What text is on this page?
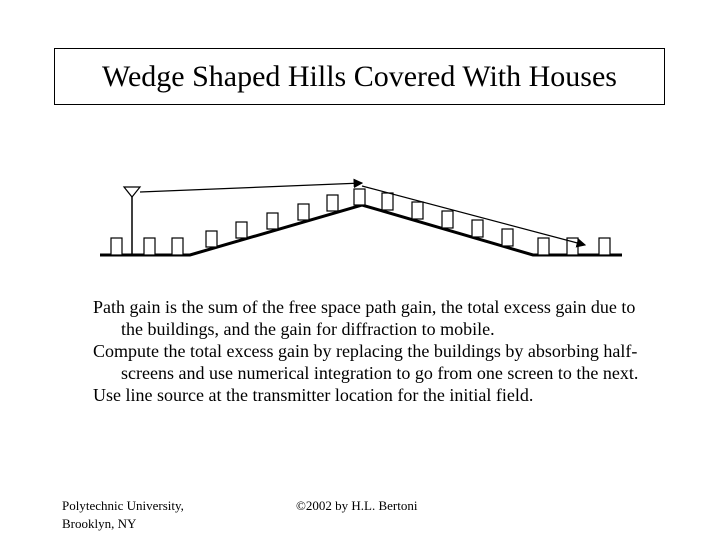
Wedge Shaped Hills Covered With Houses

Path gain is the sum of the free space path gain, the total excess gain due to the buildings, and the gain for diffraction to mobile.

Compute the total excess gain by replacing the buildings by absorbing half-screens and use numerical integration to go from one screen to the next.

Use line source at the transmitter location for the initial field.

Polytechnic University,
Brooklyn, NY
©2002 by H.L. Bertoni
